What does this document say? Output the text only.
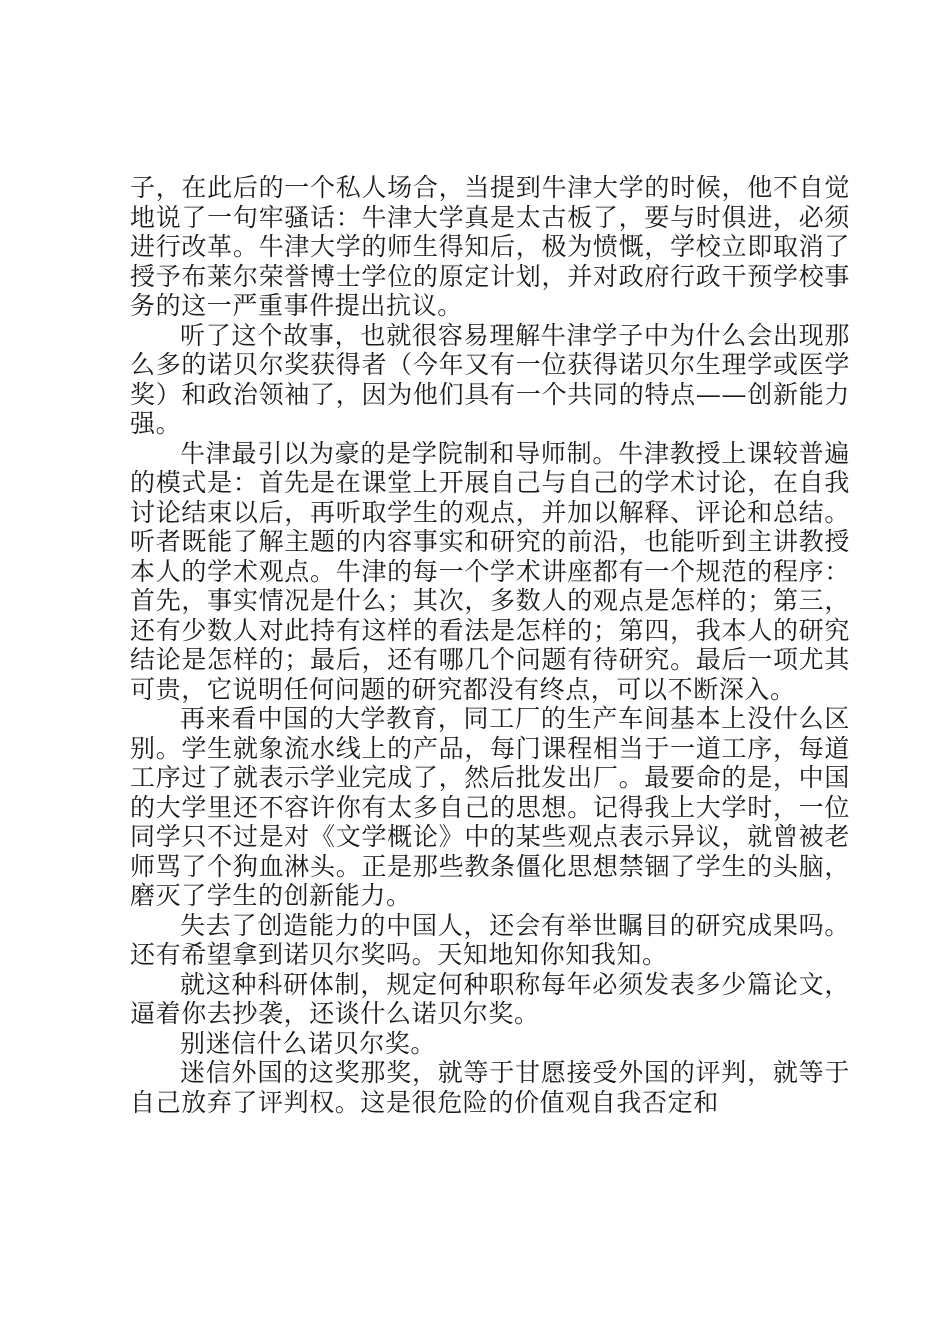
子，在此后的一个私人场合，当提到牛津大学的时候，他不自觉地说了一句牢骚话：牛津大学真是太古板了，要与时俱进，必须进行改革。牛津大学的师生得知后，极为愤慨，学校立即取消了授予布莱尔荣誉博士学位的原定计划，并对政府行政干预学校事务的这一严重事件提出抗议。

听了这个故事，也就很容易理解牛津学子中为什么会出现那么多的诺贝尔奖获得者（今年又有一位获得诺贝尔生理学或医学奖）和政治领袖了，因为他们具有一个共同的特点——创新能力强。

牛津最引以为豪的是学院制和导师制。牛津教授上课较普遍的模式是：首先是在课堂上开展自己与自己的学术讨论，在自我讨论结束以后，再听取学生的观点，并加以解释、评论和总结。听者既能了解主题的内容事实和研究的前沿，也能听到主讲教授本人的学术观点。牛津的每一个学术讲座都有一个规范的程序：首先，事实情况是什么；其次，多数人的观点是怎样的；第三，还有少数人对此持有这样的看法是怎样的；第四，我本人的研究结论是怎样的；最后，还有哪几个问题有待研究。最后一项尤其可贵，它说明任何问题的研究都没有终点，可以不断深入。

再来看中国的大学教育，同工厂的生产车间基本上没什么区别。学生就象流水线上的产品，每门课程相当于一道工序，每道工序过了就表示学业完成了，然后批发出厂。最要命的是，中国的大学里还不容许你有太多自己的思想。记得我上大学时，一位同学只不过是对《文学概论》中的某些观点表示异议，就曾被老师骂了个狗血淋头。正是那些教条僵化思想禁锢了学生的头脑，磨灭了学生的创新能力。

失去了创造能力的中国人，还会有举世瞩目的研究成果吗。还有希望拿到诺贝尔奖吗。天知地知你知我知。

就这种科研体制，规定何种职称每年必须发表多少篇论文，逼着你去抄袭，还谈什么诺贝尔奖。

别迷信什么诺贝尔奖。

迷信外国的这奖那奖，就等于甘愿接受外国的评判，就等于自己放弃了评判权。这是很危险的价值观自我否定和
